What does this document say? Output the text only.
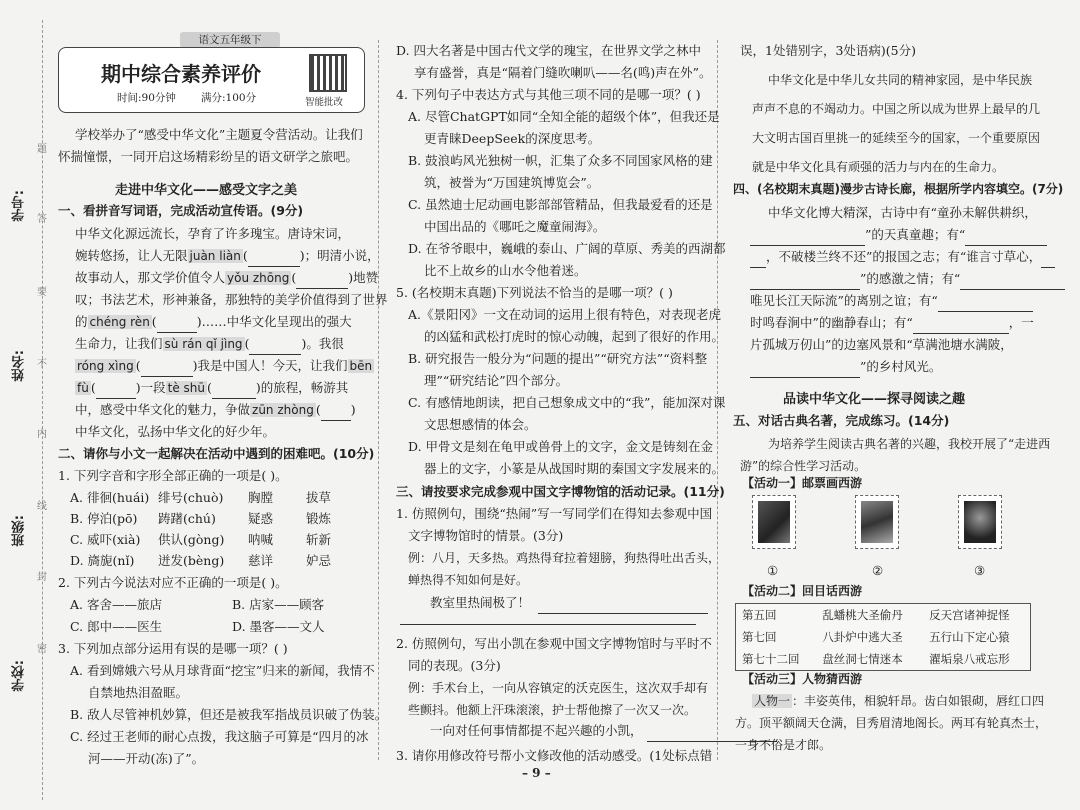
学号:
姓名:
班级:
学校:
题
答
要
不
内
线
封
密
语文五年级下
期中综合素养评价
时间:90分钟 满分:100分	智能批改
学校举办了“感受中华文化”主题夏令营活动。让我们
怀揣憧憬，一同开启这场精彩纷呈的语文研学之旅吧。
走进中华文化——感受文字之美
一、看拼音写词语，完成活动宣传语。(9分)
中华文化源远流长，孕育了许多瑰宝。唐诗宋词，
婉转悠扬，让人无限 juàn liàn (	)；明清小说，
故事动人，那文学价值令人 yǒu zhōng (	)地赞
叹；书法艺术，形神兼备，那独特的美学价值得到了世界
的 chéng rèn (	)……中华文化呈现出的强大
生命力，让我们 sù rán qǐ jìng (	)。我很
róng xìng (	)我是中国人！今天，让我们 bēn
fù (	)一段 tè shū (	)的旅程，畅游其
中，感受中华文化的魅力，争做 zūn zhòng ( )
中华文化，弘扬中华文化的好少年。
二、请你与小文一起解决在活动中遇到的困难吧。(10分)
1. 下列字音和字形全部正确的一项是( )。
A. 徘徊(huái) 绯号(chuò) 胸膛	拔草
B. 停泊(pō) 踌躇(chú)	疑惑	锻炼
C. 威吓(xià) 供认(gòng) 呐喊	斩新
D. 旖旎(nǐ) 迸发(bèng) 慈详	妒忌
2. 下列古今说法对应不正确的一项是( )。
A. 客舍——旅店	B. 店家——顾客
C. 郎中——医生	D. 墨客——文人
3. 下列加点部分运用有误的是哪一项？( )
A. 看到嫦娥六号从月球背面“挖宝”归来的新闻，我情不
自禁地热泪盈眶。
B. 敌人尽管神机妙算，但还是被我军指战员识破了伪装。
C. 经过王老师的耐心点拨，我这脑子可算是“四月的冰
河——开动(冻)了”。
D. 四大名著是中国古代文学的瑰宝，在世界文学之林中
享有盛誉，真是“隔着门缝吹喇叭——名(鸣)声在外”。
4. 下列句子中表达方式与其他三项不同的是哪一项？( )
A. 尽管ChatGPT如同“全知全能的超级个体”，但我还是
更青睐DeepSeek的深度思考。
B. 鼓浪屿风光独树一帜，汇集了众多不同国家风格的建
筑，被誉为“万国建筑博览会”。
C. 虽然迪士尼动画电影部部管精品，但我最爱看的还是
中国出品的《哪吒之魔童闹海》。
D. 在爷爷眼中，巍峨的泰山、广阔的草原、秀美的西湖都
比不上故乡的山水令他着迷。
5. (名校期末真题)下列说法不恰当的是哪一项？( )
A.《景阳冈》一文在动词的运用上很有特色，对表现老虎
的凶猛和武松打虎时的惊心动魄，起到了很好的作用。
B. 研究报告一般分为“问题的提出”“研究方法”“资料整
理”“研究结论”四个部分。
C. 有感情地朗读，把自己想象成文中的“我”，能加深对课
文思想感情的体会。
D. 甲骨文是刻在龟甲或兽骨上的文字，金文是铸刻在金
器上的文字，小篆是从战国时期的秦国文字发展来的。
三、请按要求完成参观中国文字博物馆的活动记录。(11分)
1. 仿照例句，围绕“热闹”写一写同学们在得知去参观中国
文字博物馆时的情景。(3分)
例：八月，天多热。鸡热得耷拉着翅膀，狗热得吐出舌头，
蝉热得不知如何是好。
教室里热闹极了！
2. 仿照例句，写出小凯在参观中国文字博物馆时与平时不
同的表现。(3分)
例：手术台上，一向从容镇定的沃克医生，这次双手却有
些颤抖。他额上汗珠滚滚，护士帮他擦了一次又一次。
一向对任何事情都提不起兴趣的小凯，
3. 请你用修改符号帮小文修改他的活动感受。(1处标点错
误，1处错别字，3处语病)(5分)
中华文化是中华儿女共同的精神家园，是中华民族
声声不息的不竭动力。中国之所以成为世界上最早的几
大文明古国百里挑一的延续至今的国家，一个重要原因
就是中华文化具有顽强的活力与内在的生命力。
四、(名校期末真题)漫步古诗长廊，根据所学内容填空。(7分)
中华文化博大精深，古诗中有“童孙未解供耕织，
”的天真童趣；有“
，不破楼兰终不还”的报国之志；有“谁言寸草心，
”的感激之情；有“
唯见长江天际流”的离别之谊；有“
时鸣春涧中”的幽静春山；有“	，一
片孤城万仞山”的边塞风景和“草满池塘水满陂，
”的乡村风光。
品读中华文化——探寻阅读之趣
五、对话古典名著，完成练习。(14分)
为培养学生阅读古典名著的兴趣，我校开展了“走进西
游”的综合性学习活动。
【活动一】邮票画西游
①	②	③
【活动二】回目话西游
第五回	乱蟠桃大圣偷丹	反天宫诸神捉怪
第七回	八卦炉中逃大圣	五行山下定心猿
第七十二回	盘丝洞七情迷本	濯垢泉八戒忘形
【活动三】人物猜西游
人物一 ：丰姿英伟，相貌轩昂。齿白如银砌，唇红口四
方。顶平额阔天仓满，目秀眉清地阁长。两耳有轮真杰士，
一身不俗是才郎。
– 9 –
